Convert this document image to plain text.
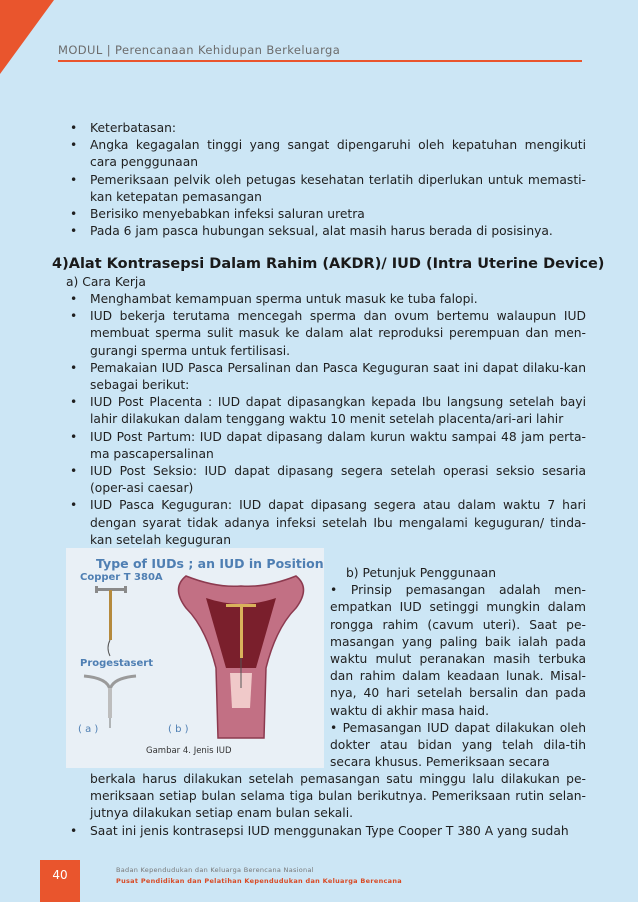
MODUL | Perencanaan Kehidupan Berkeluarga
• Keterbatasan:
• Angka kegagalan tinggi yang sangat dipengaruhi oleh kepatuhan mengikuti cara penggunaan
• Pemeriksaan pelvik oleh petugas kesehatan terlatih diperlukan untuk memasti-kan ketepatan pemasangan
• Berisiko menyebabkan infeksi saluran uretra
• Pada 6 jam pasca hubungan seksual, alat masih harus berada di posisinya.
4)Alat Kontrasepsi Dalam Rahim (AKDR)/ IUD (Intra Uterine Device)
a) Cara Kerja
• Menghambat kemampuan sperma untuk masuk ke tuba falopi.
• IUD bekerja terutama mencegah sperma dan ovum bertemu walaupun IUD membuat sperma sulit masuk ke dalam alat reproduksi perempuan dan men-gurangi sperma untuk fertilisasi.
• Pemakaian IUD Pasca Persalinan dan Pasca Keguguran saat ini dapat dilaku-kan sebagai berikut:
• IUD Post Placenta : IUD dapat dipasangkan kepada Ibu langsung setelah bayi lahir dilakukan dalam tenggang waktu 10 menit setelah placenta/ari-ari lahir
• IUD Post Partum: IUD dapat dipasang dalam kurun waktu sampai 48 jam perta-ma pascapersalinan
• IUD Post Seksio: IUD dapat dipasang segera setelah operasi seksio sesaria (oper-asi caesar)
• IUD Pasca Keguguran: IUD dapat dipasang segera atau dalam waktu 7 hari dengan syarat tidak adanya infeksi setelah Ibu mengalami keguguran/ tinda-kan setelah keguguran
Type of IUDs ; an IUD in Position
Copper T 380A
Progestasert
( a )	( b )
Gambar 4. Jenis IUD
b) Petunjuk Penggunaan

• Prinsip pemasangan adalah men-empatkan IUD setinggi mungkin dalam rongga rahim (cavum uteri). Saat pe-masangan yang paling baik ialah pada waktu mulut peranakan masih terbuka dan rahim dalam keadaan lunak. Misal-nya, 40 hari setelah bersalin dan pada waktu di akhir masa haid.

• Pemasangan IUD dapat dilakukan oleh dokter atau bidan yang telah dila-tih secara khusus. Pemeriksaan secara

berkala harus dilakukan setelah pemasangan satu minggu lalu dilakukan pe-meriksaan setiap bulan selama tiga bulan berikutnya. Pemeriksaan rutin selan-jutnya dilakukan setiap enam bulan sekali.
• Saat ini jenis kontrasepsi IUD menggunakan Type Cooper T 380 A yang sudah
40	Badan Kependudukan dan Keluarga Berencana Nasional
Pusat Pendidikan dan Pelatihan Kependudukan dan Keluarga Berencana
